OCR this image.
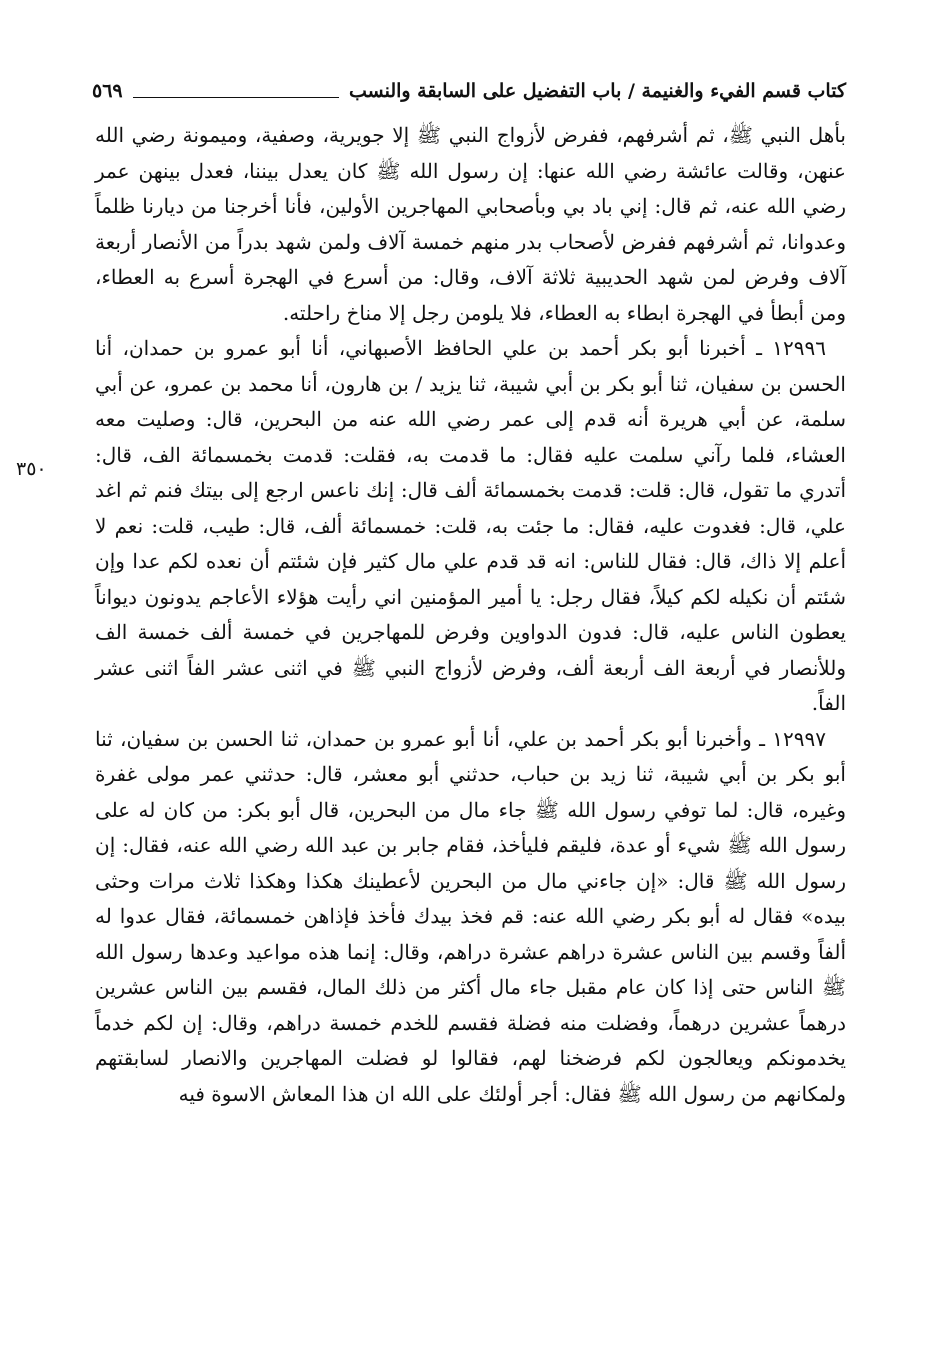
كتاب قسم الفيء والغنيمة / باب التفضيل على السابقة والنسب
٥٦٩
٣٥٠

بأهل النبي ﷺ، ثم أشرفهم، ففرض لأزواج النبي ﷺ إلا جويرية، وصفية، وميمونة رضي الله عنهن، وقالت عائشة رضي الله عنها: إن رسول الله ﷺ كان يعدل بيننا، فعدل بينهن عمر رضي الله عنه، ثم قال: إني باد بي وبأصحابي المهاجرين الأولين، فأنا أخرجنا من ديارنا ظلماً وعدوانا، ثم أشرفهم ففرض لأصحاب بدر منهم خمسة آلاف ولمن شهد بدراً من الأنصار أربعة آلاف وفرض لمن شهد الحديبية ثلاثة آلاف، وقال: من أسرع في الهجرة أسرع به العطاء، ومن أبطأ في الهجرة ابطاء به العطاء، فلا يلومن رجل إلا مناخ راحلته.

١٢٩٩٦ ـ أخبرنا أبو بكر أحمد بن علي الحافظ الأصبهاني، أنا أبو عمرو بن حمدان، أنا الحسن بن سفيان، ثنا أبو بكر بن أبي شيبة، ثنا يزيد / بن هارون، أنا محمد بن عمرو، عن أبي سلمة، عن أبي هريرة أنه قدم إلى عمر رضي الله عنه من البحرين، قال: وصليت معه العشاء، فلما رآني سلمت عليه فقال: ما قدمت به، فقلت: قدمت بخمسمائة الف، قال: أتدري ما تقول، قال: قلت: قدمت بخمسمائة ألف قال: إنك ناعس ارجع إلى بيتك فنم ثم اغد علي، قال: فغدوت عليه، فقال: ما جئت به، قلت: خمسمائة ألف، قال: طيب، قلت: نعم لا أعلم إلا ذاك، قال: فقال للناس: انه قد قدم علي مال كثير فإن شئتم أن نعده لكم عدا وإن شئتم أن نكيله لكم كيلاً، فقال رجل: يا أمير المؤمنين اني رأيت هؤلاء الأعاجم يدونون ديواناً يعطون الناس عليه، قال: فدون الدواوين وفرض للمهاجرين في خمسة ألف خمسة الف وللأنصار في أربعة الف أربعة ألف، وفرض لأزواج النبي ﷺ في اثنى عشر الفاً اثنى عشر الفاً.

١٢٩٩٧ ـ وأخبرنا أبو بكر أحمد بن علي، أنا أبو عمرو بن حمدان، ثنا الحسن بن سفيان، ثنا أبو بكر بن أبي شيبة، ثنا زيد بن حباب، حدثني أبو معشر، قال: حدثني عمر مولى غفرة وغيره، قال: لما توفي رسول الله ﷺ جاء مال من البحرين، قال أبو بكر: من كان له على رسول الله ﷺ شيء أو عدة، فليقم فليأخذ، فقام جابر بن عبد الله رضي الله عنه، فقال: إن رسول الله ﷺ قال: «إن جاءني مال من البحرين لأعطينك هكذا وهكذا ثلاث مرات وحثى بيده» فقال له أبو بكر رضي الله عنه: قم فخذ بيدك فأخذ فإذاهن خمسمائة، فقال عدوا له ألفاً وقسم بين الناس عشرة دراهم عشرة دراهم، وقال: إنما هذه مواعيد وعدها رسول الله ﷺ الناس حتى إذا كان عام مقبل جاء مال أكثر من ذلك المال، فقسم بين الناس عشرين درهماً عشرين درهماً، وفضلت منه فضلة فقسم للخدم خمسة دراهم، وقال: إن لكم خدماً يخدمونكم ويعالجون لكم فرضخنا لهم، فقالوا لو فضلت المهاجرين والانصار لسابقتهم ولمكانهم من رسول الله ﷺ فقال: أجر أولئك على الله ان هذا المعاش الاسوة فيه
